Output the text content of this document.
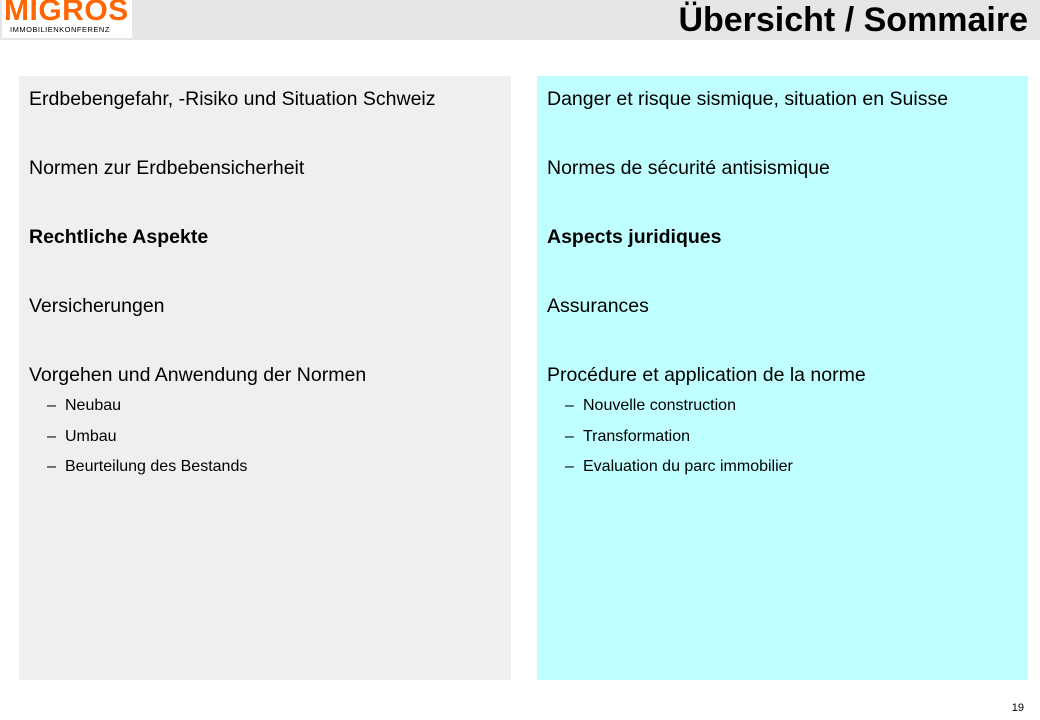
MIGROS
IMMOBILIENKONFERENZ	Übersicht / Sommaire
Erdbebengefahr, -Risiko und Situation Schweiz
Normen zur Erdbebensicherheit
Rechtliche Aspekte
Versicherungen
Vorgehen und Anwendung der Normen
– Neubau
– Umbau
– Beurteilung des Bestands
Danger et risque sismique, situation en Suisse
Normes de sécurité antisismique
Aspects juridiques
Assurances
Procédure et application de la norme
– Nouvelle construction
– Transformation
– Evaluation du parc immobilier
19
